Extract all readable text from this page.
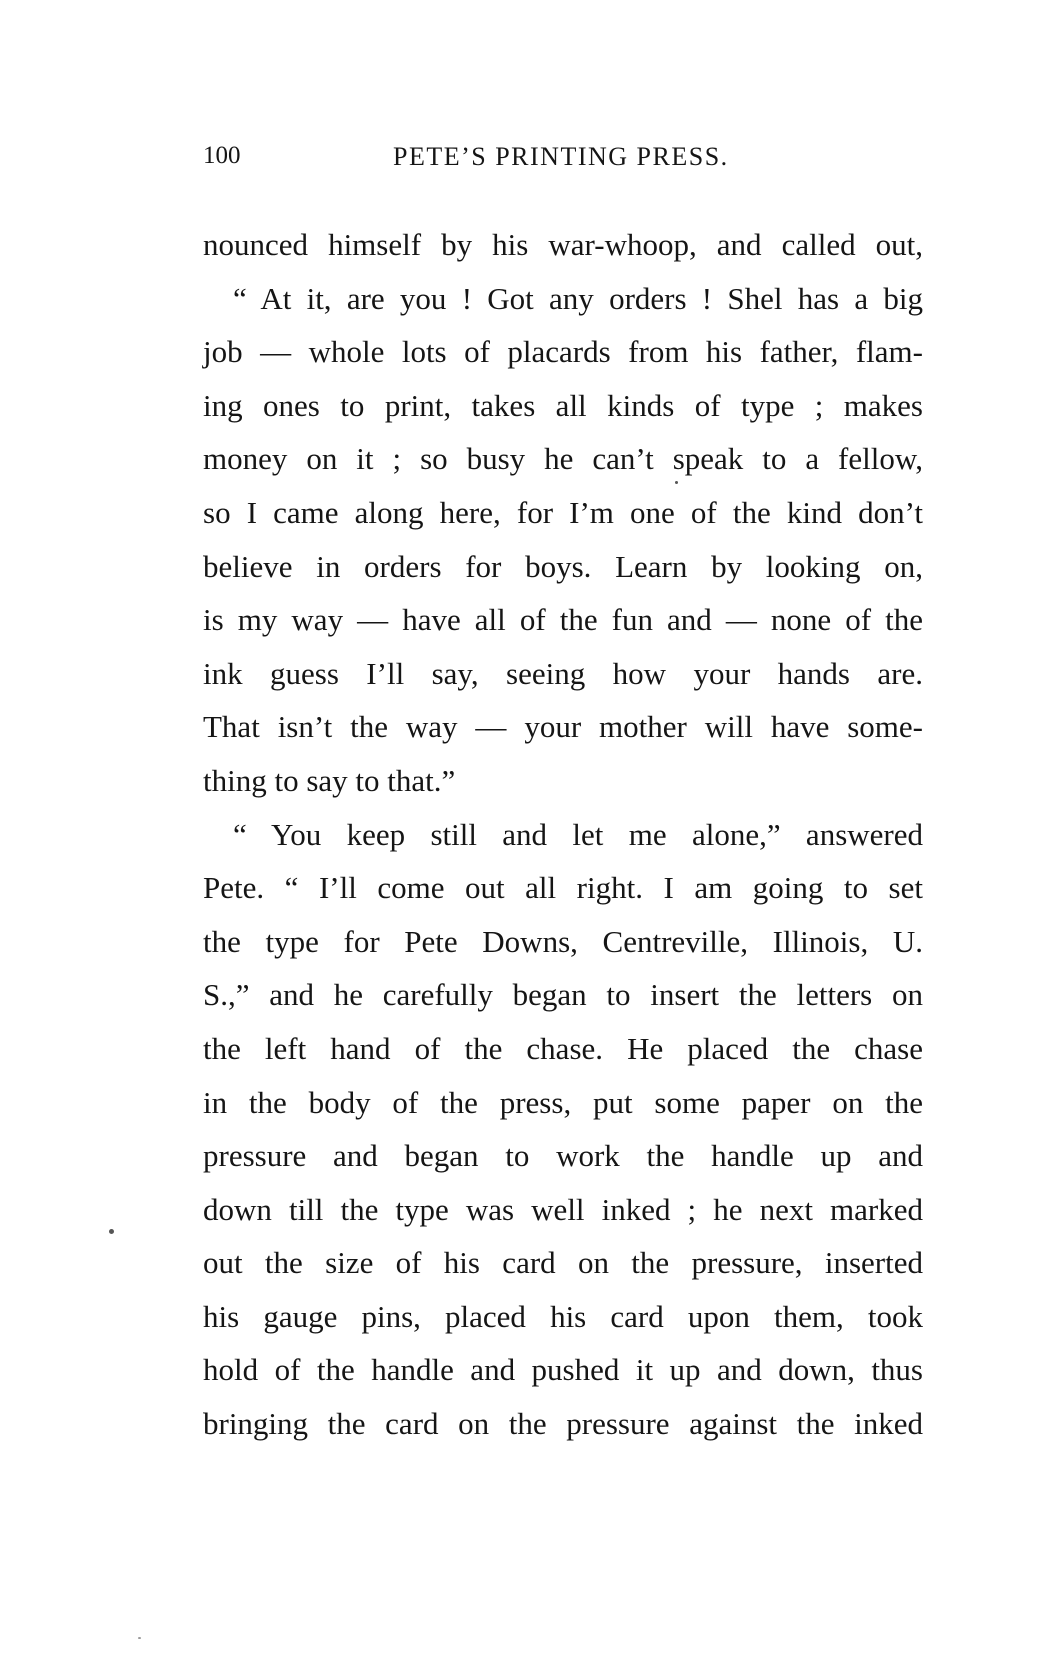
100	PETE’S PRINTING PRESS.
nounced himself by his war-whoop, and called out,
“ At it, are you ! Got any orders ! Shel has a big
job — whole lots of placards from his father, flam-
ing ones to print, takes all kinds of type ; makes
money on it ; so busy he can’t speak to a fellow,
so I came along here, for I’m one of the kind don’t
believe in orders for boys. Learn by looking on,
is my way — have all of the fun and — none of the
ink guess I’ll say, seeing how your hands are.
That isn’t the way — your mother will have some-
thing to say to that.”
“ You keep still and let me alone,” answered
Pete. “ I’ll come out all right. I am going to set
the type for Pete Downs, Centreville, Illinois, U.
S.,” and he carefully began to insert the letters on
the left hand of the chase. He placed the chase
in the body of the press, put some paper on the
pressure and began to work the handle up and
down till the type was well inked ; he next marked
out the size of his card on the pressure, inserted
his gauge pins, placed his card upon them, took
hold of the handle and pushed it up and down, thus
bringing the card on the pressure against the inked
